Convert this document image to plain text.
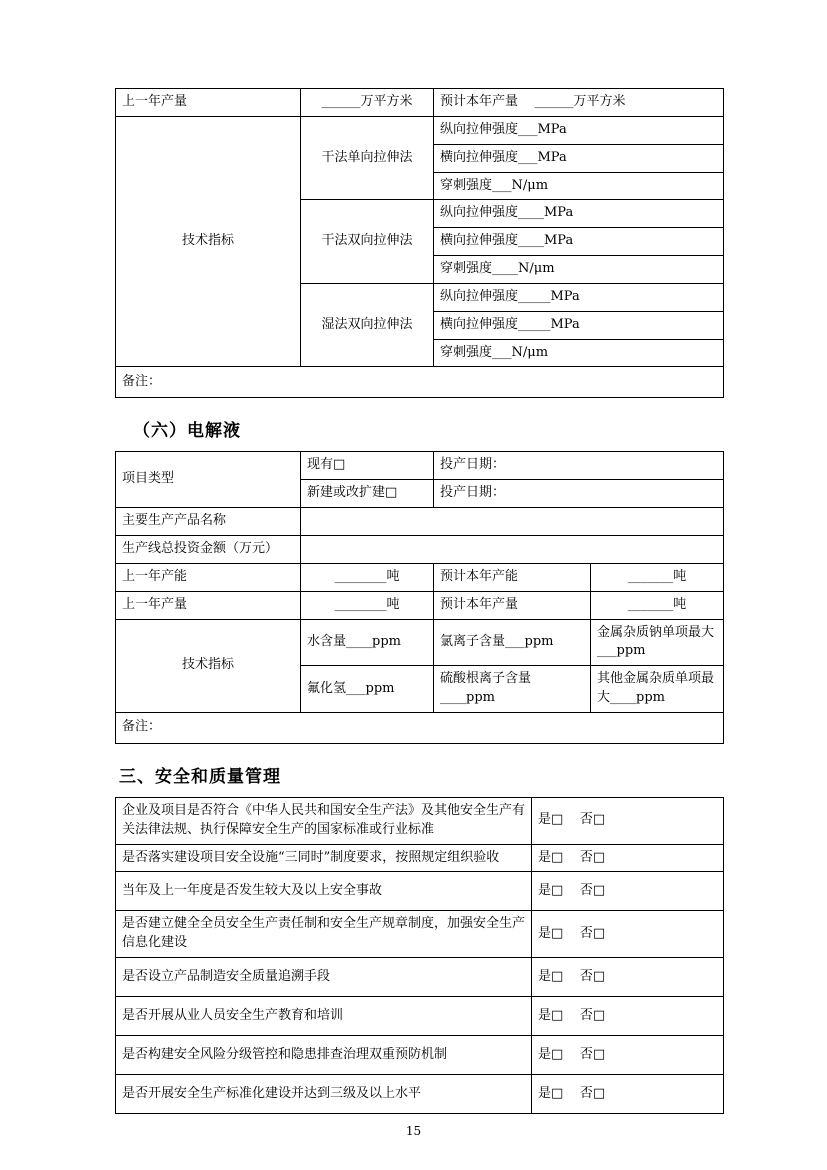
上一年产量	______万平方米	预计本年产量 ______万平方米
技术指标	干法单向拉伸法	纵向拉伸强度___MPa
		横向拉伸强度___MPa
		穿刺强度___N/μm
	干法双向拉伸法	纵向拉伸强度____MPa
		横向拉伸强度____MPa
		穿刺强度____N/μm
	湿法双向拉伸法	纵向拉伸强度_____MPa
		横向拉伸强度_____MPa
		穿刺强度___N/μm
备注：		
（六）电解液
项目类型	现有□	投产日期：	
	新建或改扩建□	投产日期：	
主要生产产品名称			
生产线总投资金额（万元）			
上一年产能	________吨	预计本年产能	_______吨
上一年产量	________吨	预计本年产量	_______吨
技术指标	水含量____ppm	氯离子含量___ppm	金属杂质钠单项最大___ppm
	氟化氢___ppm	硫酸根离子含量____ppm	其他金属杂质单项最大____ppm
备注：			
三、安全和质量管理
企业及项目是否符合《中华人民共和国安全生产法》及其他安全生产有关法律法规、执行保障安全生产的国家标准或行业标准	是□ 否□
是否落实建设项目安全设施“三同时”制度要求，按照规定组织验收	是□ 否□
当年及上一年度是否发生较大及以上安全事故	是□ 否□
是否建立健全全员安全生产责任制和安全生产规章制度，加强安全生产信息化建设	是□ 否□
是否设立产品制造安全质量追溯手段	是□ 否□
是否开展从业人员安全生产教育和培训	是□ 否□
是否构建安全风险分级管控和隐患排查治理双重预防机制	是□ 否□
是否开展安全生产标准化建设并达到三级及以上水平	是□ 否□
15
